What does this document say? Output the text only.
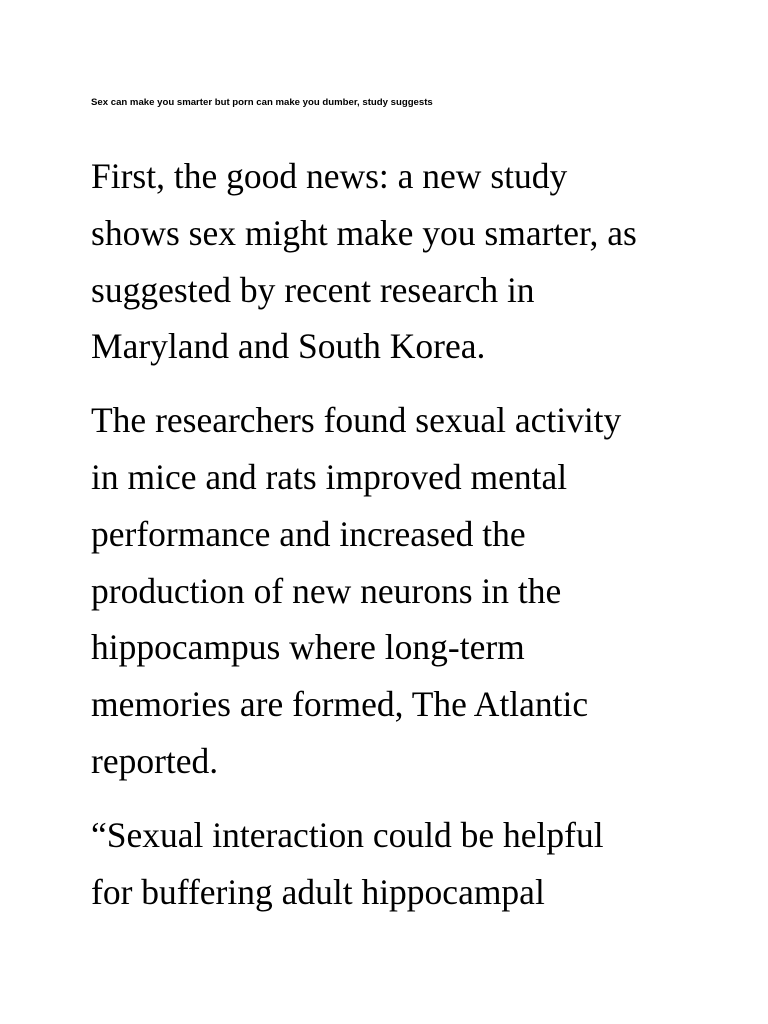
Sex can make you smarter but porn can make you dumber, study suggests

First, the good news: a new study
shows sex might make you smarter, as
suggested by recent research in
Maryland and South Korea.

The researchers found sexual activity
in mice and rats improved mental
performance and increased the
production of new neurons in the
hippocampus where long-term
memories are formed, The Atlantic
reported.

“Sexual interaction could be helpful
for buffering adult hippocampal
